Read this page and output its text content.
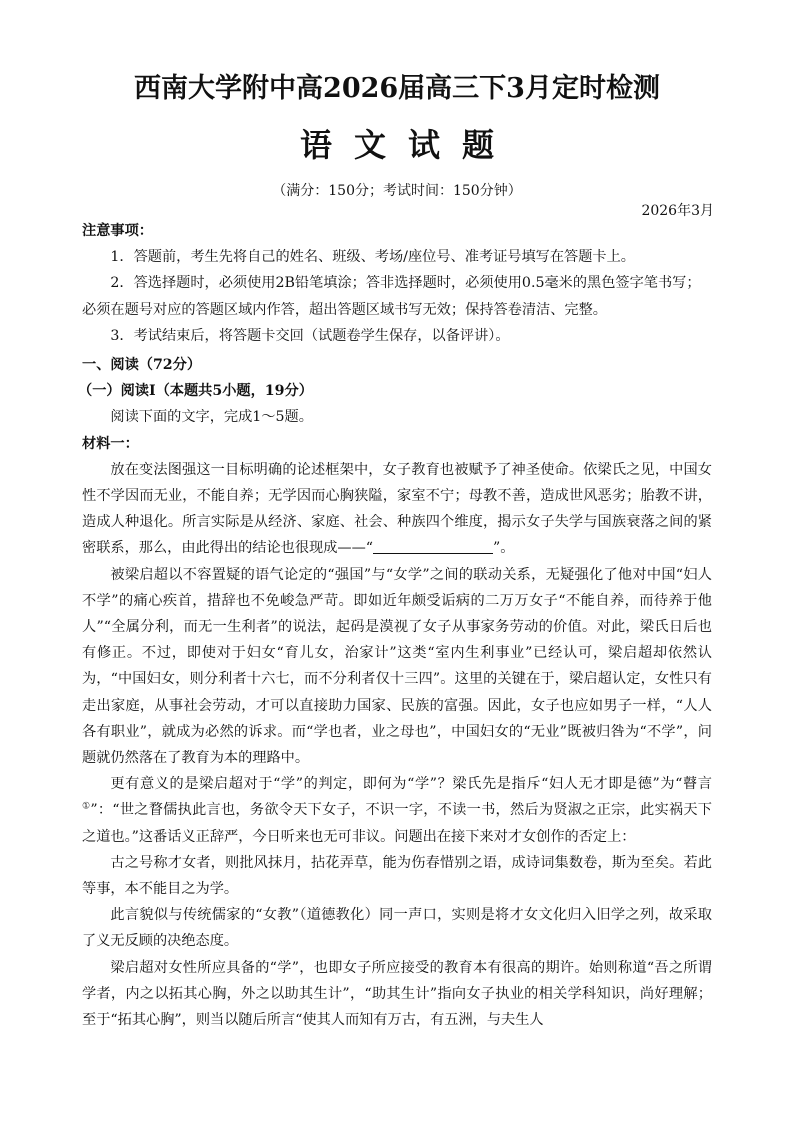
西南大学附中高2026届高三下3月定时检测
语文试题
（满分：150分；考试时间：150分钟）
2026年3月

注意事项：

1．答题前，考生先将自己的姓名、班级、考场/座位号、准考证号填写在答题卡上。

2．答选择题时，必须使用2B铅笔填涂；答非选择题时，必须使用0.5毫米的黑色签字笔书写；

必须在题号对应的答题区域内作答，超出答题区域书写无效；保持答卷清洁、完整。

3．考试结束后，将答题卡交回（试题卷学生保存，以备评讲）。

一、阅读（72分）

（一）阅读Ⅰ（本题共5小题，19分）

阅读下面的文字，完成1～5题。

材料一：

放在变法图强这一目标明确的论述框架中，女子教育也被赋予了神圣使命。依梁氏之见，中国女性不学因而无业，不能自养；无学因而心胸狭隘，家室不宁；母教不善，造成世风恶劣；胎教不讲，造成人种退化。所言实际是从经济、家庭、社会、种族四个维度，揭示女子失学与国族衰落之间的紧密联系，那么，由此得出的结论也很现成——“	”。

被梁启超以不容置疑的语气论定的“强国”与“女学”之间的联动关系，无疑强化了他对中国“妇人不学”的痛心疾首，措辞也不免峻急严苛。即如近年颇受诟病的二万万女子“不能自养，而待养于他人”“全属分利，而无一生利者”的说法，起码是漠视了女子从事家务劳动的价值。对此，梁氏日后也有修正。不过，即使对于妇女“育儿女，治家计”这类“室内生利事业”已经认可，梁启超却依然认为，“中国妇女，则分利者十六七，而不分利者仅十三四”。这里的关键在于，梁启超认定，女性只有走出家庭，从事社会劳动，才可以直接助力国家、民族的富强。因此，女子也应如男子一样，“人人各有职业”，就成为必然的诉求。而“学也者，业之母也”，中国妇女的“无业”既被归咎为“不学”，问题就仍然落在了教育为本的理路中。

更有意义的是梁启超对于“学”的判定，即何为“学”？梁氏先是指斥“妇人无才即是德”为“瞽言①”：“世之瞀儒执此言也，务欲令天下女子，不识一字，不读一书，然后为贤淑之正宗，此实祸天下之道也。”这番话义正辞严，今日听来也无可非议。问题出在接下来对才女创作的否定上：

古之号称才女者，则批风抹月，拈花弄草，能为伤春惜别之语，成诗词集数卷，斯为至矣。若此等事，本不能目之为学。

此言貌似与传统儒家的“女教”（道德教化）同一声口，实则是将才女文化归入旧学之列，故采取了义无反顾的决绝态度。

梁启超对女性所应具备的“学”，也即女子所应接受的教育本有很高的期许。始则称道“吾之所谓学者，内之以拓其心胸，外之以助其生计”，“助其生计”指向女子执业的相关学科知识，尚好理解；至于“拓其心胸”，则当以随后所言“使其人而知有万古，有五洲，与夫生人
